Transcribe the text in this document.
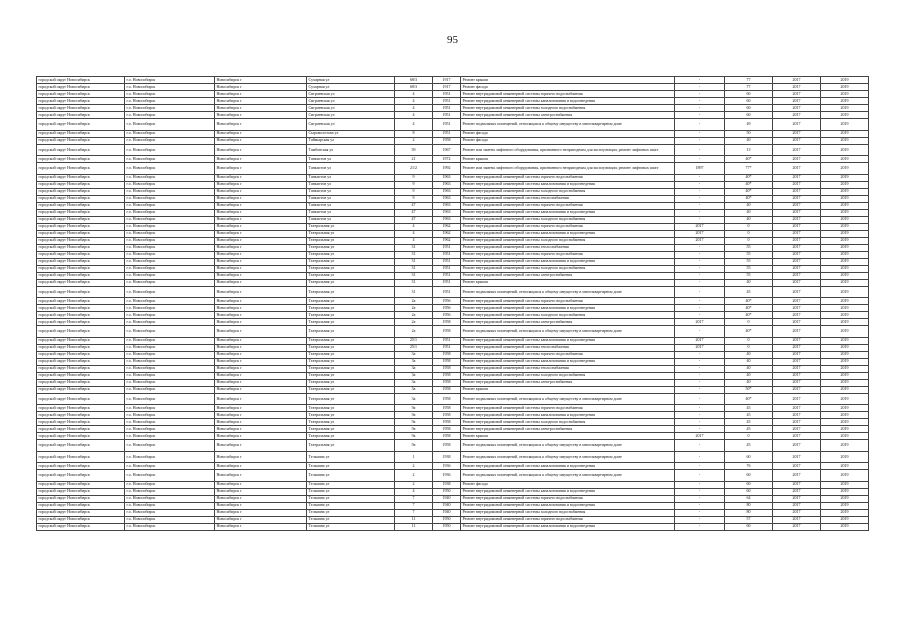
95
городской округ Новосибирск	г.о. Новосибирск	Новосибирск г	Сухарная ул	68/3	1917	Ремонт крыши	-	77	2017	2019
городской округ Новосибирск	г.о. Новосибирск	Новосибирск г	Сухарная ул	68/3	1917	Ремонт фасада	-	77	2017	2019
городской округ Новосибирск	г.о. Новосибирск	Новосибирск г	Сиграевская ул	4	1951	Ремонт внутридомовой инженерной системы горячего водоснабжения	-	60	2017	2019
городской округ Новосибирск	г.о. Новосибирск	Новосибирск г	Сиграевская ул	4	1951	Ремонт внутридомовой инженерной системы канализования и водоотведения	-	60	2017	2019
городской округ Новосибирск	г.о. Новосибирск	Новосибирск г	Сиграевская ул	4	1951	Ремонт внутридомовой инженерной системы холодного водоснабжения	-	60	2017	2019
городской округ Новосибирск	г.о. Новосибирск	Новосибирск г	Сиграевская ул	4	1951	Ремонт внутридомовой инженерной системы электроснабжения	-	60	2017	2019
городской округ Новосибирск	г.о. Новосибирск	Новосибирск г	Сиграевская ул	4	1951	Ремонт подвальных помещений, относящихся к общему имуществу в многоквартирном доме	-	49	2017	2019
городской округ Новосибирск	г.о. Новосибирск	Новосибирск г	Сыромолотова ул	8	1951	Ремонт фасада	-	50	2017	2019
городской округ Новосибирск	г.о. Новосибирск	Новосибирск г	Таймырская ул	2	1958	Ремонт фасада	-	40	2017	2019
городской округ Новосибирск	г.о. Новосибирск	Новосибирск г	Тамбовская ул	39	1967	Ремонт или замена лифтового оборудования, признанного непригодным для эксплуатации, ремонт лифтовых шахт	-	13	2017	2019
городской округ Новосибирск	г.о. Новосибирск	Новосибирск г	Танкистов ул	21	1972	Ремонт крыши	-	40*	2017	2019
городской округ Новосибирск	г.о. Новосибирск	Новосибирск г	Танкистов ул	21/2	1992	Ремонт или замена лифтового оборудования, признанного непригодным для эксплуатации, ремонт лифтовых шахт	1897	77*	2017	2019
городской округ Новосибирск	г.о. Новосибирск	Новосибирск г	Танкистов ул	9	1963	Ремонт внутридомовой инженерной системы горячего водоснабжения	-	40*	2017	2019
городской округ Новосибирск	г.о. Новосибирск	Новосибирск г	Танкистов ул	9	1963	Ремонт внутридомовой инженерной системы канализования и водоотведения	-	40*	2017	2019
городской округ Новосибирск	г.о. Новосибирск	Новосибирск г	Танкистов ул	9	1963	Ремонт внутридомовой инженерной системы холодного водоснабжения	-	40*	2017	2019
городской округ Новосибирск	г.о. Новосибирск	Новосибирск г	Танкистов ул	9	1963	Ремонт внутридомовой инженерной системы теплоснабжения	-	40*	2017	2019
городской округ Новосибирск	г.о. Новосибирск	Новосибирск г	Танкистов ул	47	1963	Ремонт внутридомовой инженерной системы горячего водоснабжения	-	40	2017	2019
городской округ Новосибирск	г.о. Новосибирск	Новосибирск г	Танкистов ул	47	1963	Ремонт внутридомовой инженерной системы канализования и водоотведения	-	40	2017	2019
городской округ Новосибирск	г.о. Новосибирск	Новосибирск г	Танкистов ул	47	1963	Ремонт внутридомовой инженерной системы холодного водоснабжения	-	40	2017	2019
городской округ Новосибирск	г.о. Новосибирск	Новосибирск г	Театральная ул	4	1962	Ремонт внутридомовой инженерной системы горячего водоснабжения	2017	0	2017	2019
городской округ Новосибирск	г.о. Новосибирск	Новосибирск г	Театральная ул	4	1962	Ремонт внутридомовой инженерной системы канализования и водоотведения	2017	0	2017	2019
городской округ Новосибирск	г.о. Новосибирск	Новосибирск г	Театральная ул	4	1962	Ремонт внутридомовой инженерной системы холодного водоснабжения	2017	0	2017	2019
городской округ Новосибирск	г.о. Новосибирск	Новосибирск г	Театральная ул	31	1951	Ремонт внутридомовой инженерной системы теплоснабжения	-	55	2017	2019
городской округ Новосибирск	г.о. Новосибирск	Новосибирск г	Театральная ул	31	1951	Ремонт внутридомовой инженерной системы горячего водоснабжения	-	55	2017	2019
городской округ Новосибирск	г.о. Новосибирск	Новосибирск г	Театральная ул	31	1951	Ремонт внутридомовой инженерной системы канализования и водоотведения	-	55	2017	2019
городской округ Новосибирск	г.о. Новосибирск	Новосибирск г	Театральная ул	31	1951	Ремонт внутридомовой инженерной системы холодного водоснабжения	-	55	2017	2019
городской округ Новосибирск	г.о. Новосибирск	Новосибирск г	Театральная ул	31	1951	Ремонт внутридомовой инженерной системы электроснабжения	-	55	2017	2019
городской округ Новосибирск	г.о. Новосибирск	Новосибирск г	Театральная ул	31	1951	Ремонт крыши	-	40	2017	2019
городской округ Новосибирск	г.о. Новосибирск	Новосибирск г	Театральная ул	31	1951	Ремонт подвальных помещений, относящихся к общему имуществу в многоквартирном доме	-	45	2017	2019
городской округ Новосибирск	г.о. Новосибирск	Новосибирск г	Театральная ул	2а	1956	Ремонт внутридомовой инженерной системы горячего водоснабжения	-	40*	2017	2019
городской округ Новосибирск	г.о. Новосибирск	Новосибирск г	Театральная ул	2а	1956	Ремонт внутридомовой инженерной системы канализования и водоотведения	-	40*	2017	2019
городской округ Новосибирск	г.о. Новосибирск	Новосибирск г	Театральная ул	2а	1956	Ремонт внутридомовой инженерной системы холодного водоснабжения	-	40*	2017	2019
городской округ Новосибирск	г.о. Новосибирск	Новосибирск г	Театральная ул	2а	1958	Ремонт внутридомовой инженерной системы электроснабжения	2017	0	2017	2019
городской округ Новосибирск	г.о. Новосибирск	Новосибирск г	Театральная ул	2а	1958	Ремонт подвальных помещений, относящихся к общему имуществу в многоквартирном доме	-	40*	2017	2019
городской округ Новосибирск	г.о. Новосибирск	Новосибирск г	Театральная ул	25/1	1951	Ремонт внутридомовой инженерной системы канализования и водоотведения	2017	0	2017	2019
городской округ Новосибирск	г.о. Новосибирск	Новосибирск г	Театральная ул	25/1	1951	Ремонт внутридомовой инженерной системы теплоснабжения	2017	0	2017	2019
городской округ Новосибирск	г.о. Новосибирск	Новосибирск г	Театральная ул	3а	1958	Ремонт внутридомовой инженерной системы горячего водоснабжения	-	40	2017	2019
городской округ Новосибирск	г.о. Новосибирск	Новосибирск г	Театральная ул	3а	1958	Ремонт внутридомовой инженерной системы канализования и водоотведения	-	40	2017	2019
городской округ Новосибирск	г.о. Новосибирск	Новосибирск г	Театральная ул	3а	1958	Ремонт внутридомовой инженерной системы теплоснабжения	-	40	2017	2019
городской округ Новосибирск	г.о. Новосибирск	Новосибирск г	Театральная ул	3а	1958	Ремонт внутридомовой инженерной системы холодного водоснабжения	-	40	2017	2019
городской округ Новосибирск	г.о. Новосибирск	Новосибирск г	Театральная ул	3а	1958	Ремонт внутридомовой инженерной системы электроснабжения	-	40	2017	2019
городской округ Новосибирск	г.о. Новосибирск	Новосибирск г	Театральная ул	3а	1958	Ремонт крыши	-	50*	2017	2019
городской округ Новосибирск	г.о. Новосибирск	Новосибирск г	Театральная ул	3а	1958	Ремонт подвальных помещений, относящихся к общему имуществу в многоквартирном доме	-	40*	2017	2019
городской округ Новосибирск	г.о. Новосибирск	Новосибирск г	Театральная ул	9а	1958	Ремонт внутридомовой инженерной системы горячего водоснабжения	-	45	2017	2019
городской округ Новосибирск	г.о. Новосибирск	Новосибирск г	Театральная ул	9а	1958	Ремонт внутридомовой инженерной системы канализования и водоотведения	-	45	2017	2019
городской округ Новосибирск	г.о. Новосибирск	Новосибирск г	Театральная ул	9а	1958	Ремонт внутридомовой инженерной системы холодного водоснабжения	-	45	2017	2019
городской округ Новосибирск	г.о. Новосибирск	Новосибирск г	Театральная ул	9а	1958	Ремонт внутридомовой инженерной системы электроснабжения	-	45	2017	2019
городской округ Новосибирск	г.о. Новосибирск	Новосибирск г	Театральная ул	9а	1958	Ремонт крыши	2017	0	2017	2019
городской округ Новосибирск	г.о. Новосибирск	Новосибирск г	Театральная ул	9а	1958	Ремонт подвальных помещений, относящихся к общему имуществу в многоквартирном доме	-	45	2017	2019
городской округ Новосибирск	г.о. Новосибирск	Новосибирск г	Тельмана ул	1	1938	Ремонт подвальных помещений, относящихся к общему имуществу в многоквартирном доме	-	60	2017	2019
городской округ Новосибирск	г.о. Новосибирск	Новосибирск г	Тельмана ул	2	1936	Ремонт внутридомовой инженерной системы канализования и водоотведения	-	76	2017	2019
городской округ Новосибирск	г.о. Новосибирск	Новосибирск г	Тельмана ул	2	1936	Ремонт подвальных помещений, относящихся к общему имуществу в многоквартирном доме	-	60	2017	2019
городской округ Новосибирск	г.о. Новосибирск	Новосибирск г	Тельмана ул	2	1938	Ремонт фасада	-	60	2017	2019
городской округ Новосибирск	г.о. Новосибирск	Новосибирск г	Тельмана ул	4	1950	Ремонт внутридомовой инженерной системы канализования и водоотведения	-	60	2017	2019
городской округ Новосибирск	г.о. Новосибирск	Новосибирск г	Тельмана ул	7	1940	Ремонт внутридомовой инженерной системы горячего водоснабжения	-	64	2017	2019
городской округ Новосибирск	г.о. Новосибирск	Новосибирск г	Тельмана ул	7	1940	Ремонт внутридомовой инженерной системы канализования и водоотведения	-	80	2017	2019
городской округ Новосибирск	г.о. Новосибирск	Новосибирск г	Тельмана ул	7	1940	Ремонт внутридомовой инженерной системы холодного водоснабжения	-	80	2017	2019
городской округ Новосибирск	г.о. Новосибирск	Новосибирск г	Тельмана ул	11	1950	Ремонт внутридомовой инженерной системы горячего водоснабжения	-	57	2017	2019
городской округ Новосибирск	г.о. Новосибирск	Новосибирск г	Тельмана ул	11	1950	Ремонт внутридомовой инженерной системы канализования и водоотведения	-	60	2017	2019
